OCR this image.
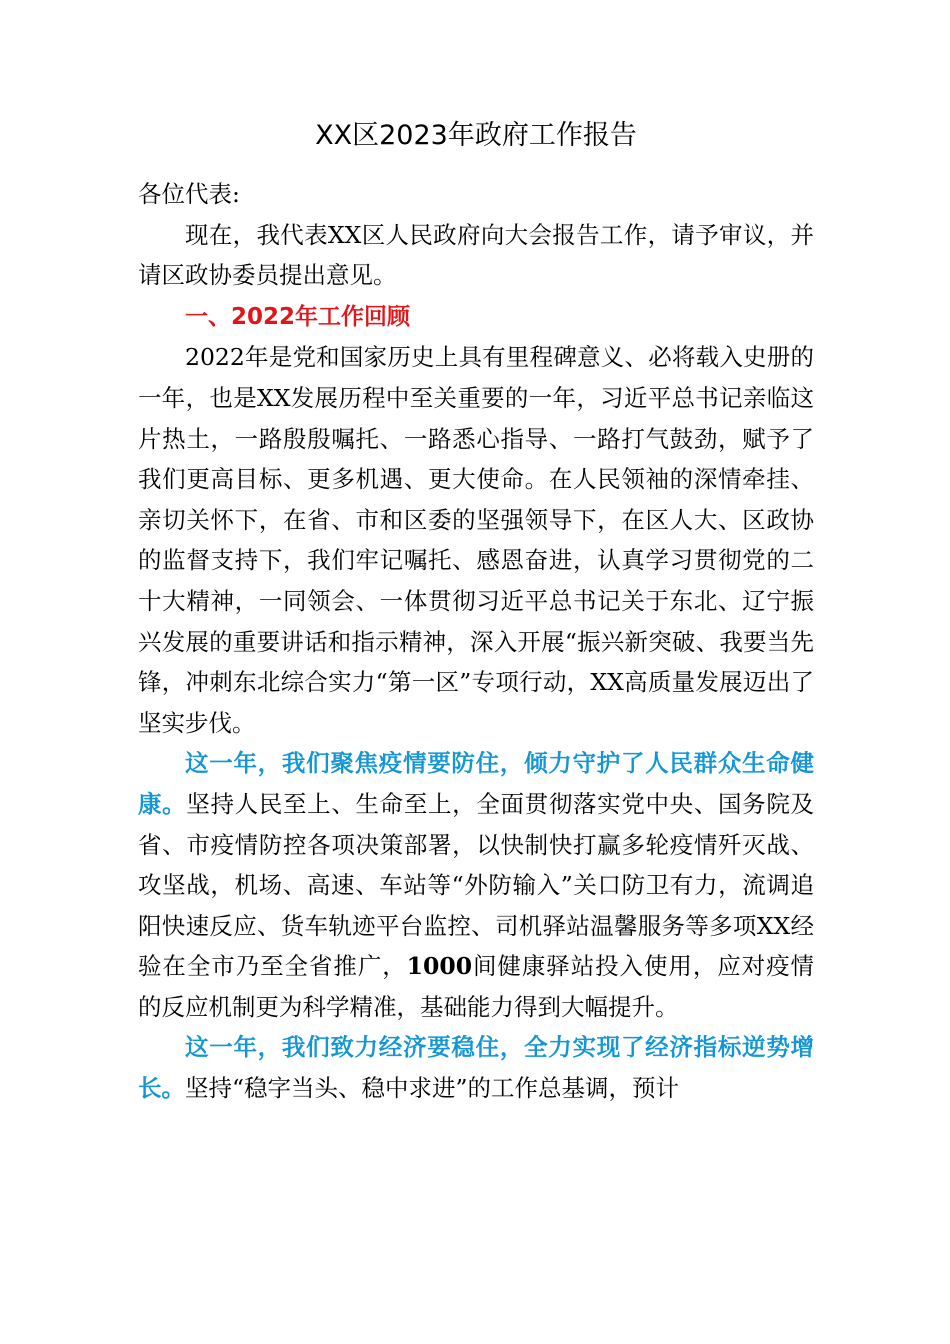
XX区2023年政府工作报告

各位代表:

现在，我代表XX区人民政府向大会报告工作，请予审议，并请区政协委员提出意见。

一、2022年工作回顾

2022年是党和国家历史上具有里程碑意义、必将载入史册的一年，也是XX发展历程中至关重要的一年，习近平总书记亲临这片热土，一路殷殷嘱托、一路悉心指导、一路打气鼓劲，赋予了我们更高目标、更多机遇、更大使命。在人民领袖的深情牵挂、亲切关怀下，在省、市和区委的坚强领导下，在区人大、区政协的监督支持下，我们牢记嘱托、感恩奋进，认真学习贯彻党的二十大精神，一同领会、一体贯彻习近平总书记关于东北、辽宁振兴发展的重要讲话和指示精神，深入开展“振兴新突破、我要当先锋，冲刺东北综合实力“第一区”专项行动，XX高质量发展迈出了坚实步伐。

这一年，我们聚焦疫情要防住，倾力守护了人民群众生命健康。坚持人民至上、生命至上，全面贯彻落实党中央、国务院及省、市疫情防控各项决策部署，以快制快打赢多轮疫情歼灭战、攻坚战，机场、高速、车站等“外防输入”关口防卫有力，流调追阳快速反应、货车轨迹平台监控、司机驿站温馨服务等多项XX经验在全市乃至全省推广，1000间健康驿站投入使用，应对疫情的反应机制更为科学精准，基础能力得到大幅提升。

这一年，我们致力经济要稳住，全力实现了经济指标逆势增长。坚持“稳字当头、稳中求进”的工作总基调，预计
